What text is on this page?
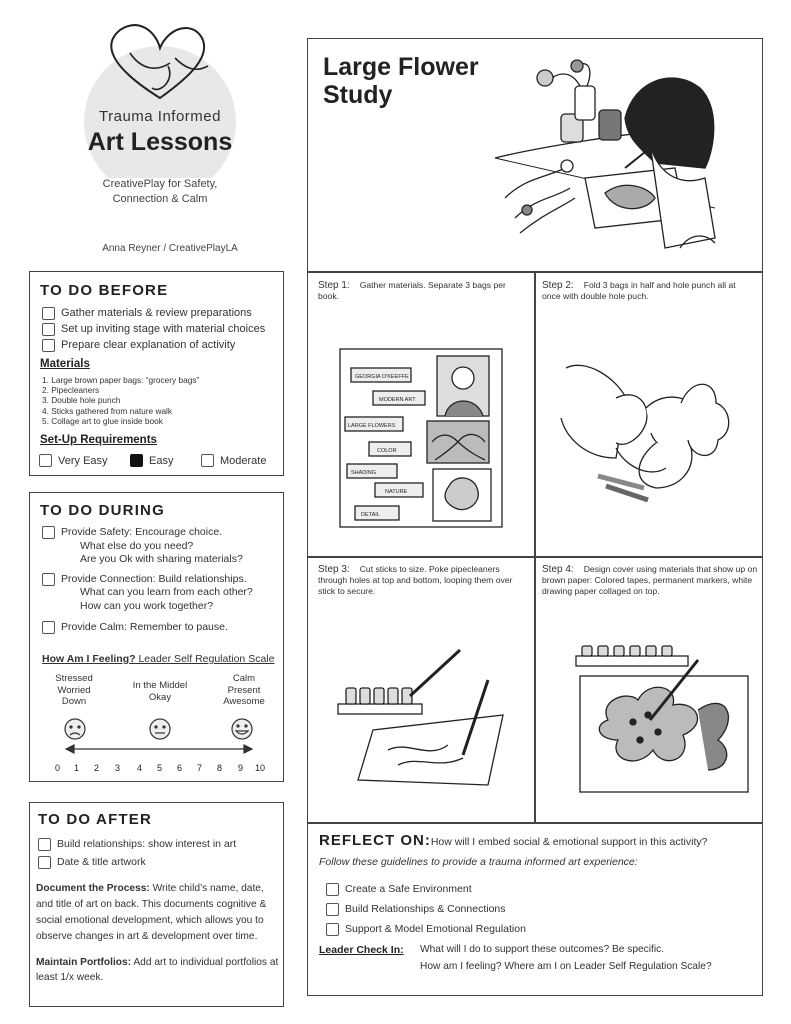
Trauma Informed
Art Lessons
CreativePlay for Safety,
Connection & Calm
Anna Reyner / CreativePlayLA
TO DO BEFORE
Gather materials & review preparations
Set up inviting stage with material choices
Prepare clear explanation of activity
Materials
1. Large brown paper bags: “grocery bags”
2. Pipecleaners
3. Double hole punch
4. Sticks gathered from nature walk
5. Collage art to glue inside book
Set-Up Requirements
Very Easy	Easy	Moderate
TO DO DURING
Provide Safety: Encourage choice.
What else do you need?
Are you Ok with sharing materials?
Provide Connection: Build relationships.
What can you learn from each other?
How can you work together?
Provide Calm: Remember to pause.
How Am I Feeling? Leader Self Regulation Scale
Stressed
Worried
Down
In the Middel
Okay
Calm
Present
Awesome
0 1 2 3 4 5 6 7 8 9 10
TO DO AFTER
Build relationships: show interest in art
Date & title artwork
Document the Process: Write child’s name, date, and title of art on back. This documents cognitive & social emotional development, which allows you to observe changes in art & development over time.
Maintain Portfolios: Add art to individual portfolios at least 1/x week.
Large Flower
Study
Step 1: Gather materials. Separate 3 bags per book.
GEORGIA O'KEEFFE
MODERN ART
LARGE FLOWERS
COLOR
SHADING
NATURE
DETAIL
Step 2: Fold 3 bags in half and hole punch all at once with double hole puch.
Step 3: Cut sticks to size. Poke pipecleaners through holes at top and bottom, looping them over stick to secure.
Step 4: Design cover using materials that show up on brown paper: Colored tapes, permanent markers, white drawing paper collaged on top.
REFLECT ON:How will I embed social & emotional support in this activity?
Follow these guidelines to provide a trauma informed art experience:
Create a Safe Environment
Build Relationships & Connections
Support & Model Emotional Regulation
Leader Check In: What will I do to support these outcomes? Be specific.
How am I feeling? Where am I on Leader Self Regulation Scale?
